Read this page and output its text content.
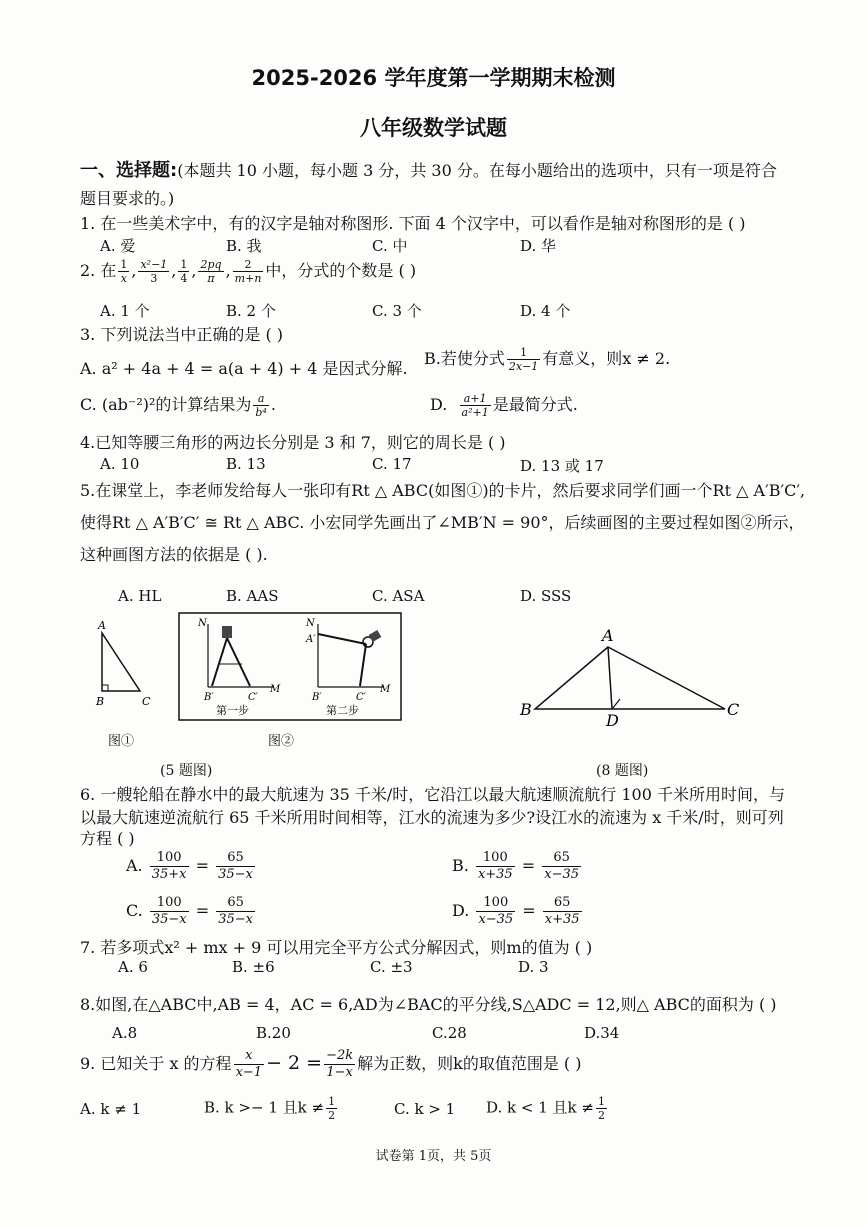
2025-2026 学年度第一学期期末检测
八年级数学试题
一、选择题:(本题共 10 小题，每小题 3 分，共 30 分。在每小题给出的选项中，只有一项是符合
题目要求的。)
1. 在一些美术字中，有的汉字是轴对称图形. 下面 4 个汉字中，可以看作是轴对称图形的是 ( )
A. 爱	B. 我	C. 中	D. 华
2. 在 $\frac{1}{x}$ , $\frac{\text{x²−1}}{3}$ , $\frac{1}{4}$ , $\frac{2pq}{\pi}$ , $\frac{2}{m+n}$ 中，分式的个数是 ( )
A. 1 个	B. 2 个	C. 3 个	D. 4 个
3. 下列说法当中正确的是 ( )
A. a² + 4a + 4 = a(a + 4) + 4 是因式分解.
B.若使分式 $\frac{1}{2x-1}$ 有意义，则x ≠ 2.
C. (ab⁻²)²的计算结果为 $\frac{a}{\text{b⁴}}$ .	D. $\frac{a+1}{\text{a²+1}}$ 是最简分式.
4.已知等腰三角形的两边长分别是 3 和 7，则它的周长是 ( )
A. 10	B. 13	C. 17	D. 13 或 17
5.在课堂上，李老师发给每人一张印有Rt △ ABC(如图①)的卡片，然后要求同学们画一个Rt △ A′B′C′,
使得Rt △ A′B′C′ ≅ Rt △ ABC. 小宏同学先画出了∠MB′N = 90°，后续画图的主要过程如图②所示，
这种画图方法的依据是 ( ).
A. HL	B. AAS	C. ASA	D. SSS
A
B	C
图①
N
B′	C′
M
第一步
N
A′
B′	C′
M
第二步
图②
(5 题图)
A
B	C
D
(8 题图)
6. 一艘轮船在静水中的最大航速为 35 千米/时，它沿江以最大航速顺流航行 100 千米所用时间，与
以最大航速逆流航行 65 千米所用时间相等，江水的流速为多少?设江水的流速为 x 千米/时，则可列
方程 ( )
A. $\frac{100}{35+x} = \frac{65}{35-x}$	B. $\frac{100}{x+35} = \frac{65}{x-35}$
C. $\frac{100}{35-x} = \frac{65}{35-x}$	D. $\frac{100}{x-35} = \frac{65}{x+35}$
7. 若多项式x² + mx + 9 可以用完全平方公式分解因式，则m的值为 ( )
A. 6	B. ±6	C. ±3	D. 3
8.如图,在△ABC中,AB = 4，AC = 6,AD为∠BAC的平分线,S△ADC = 12,则△ ABC的面积为 ( )
A.8	B.20	C.28	D.34
9. 已知关于 x 的方程 $\frac{x}{x-1} - 2 = \frac{-2k}{1-x}$ 解为正数，则k的取值范围是 ( )
A. k ≠ 1	B. k >− 1 且$k \ne \frac{1}{2}$	C. k > 1 D. k < 1 且$k \ne \frac{1}{2}$
试卷第 1页，共 5页
